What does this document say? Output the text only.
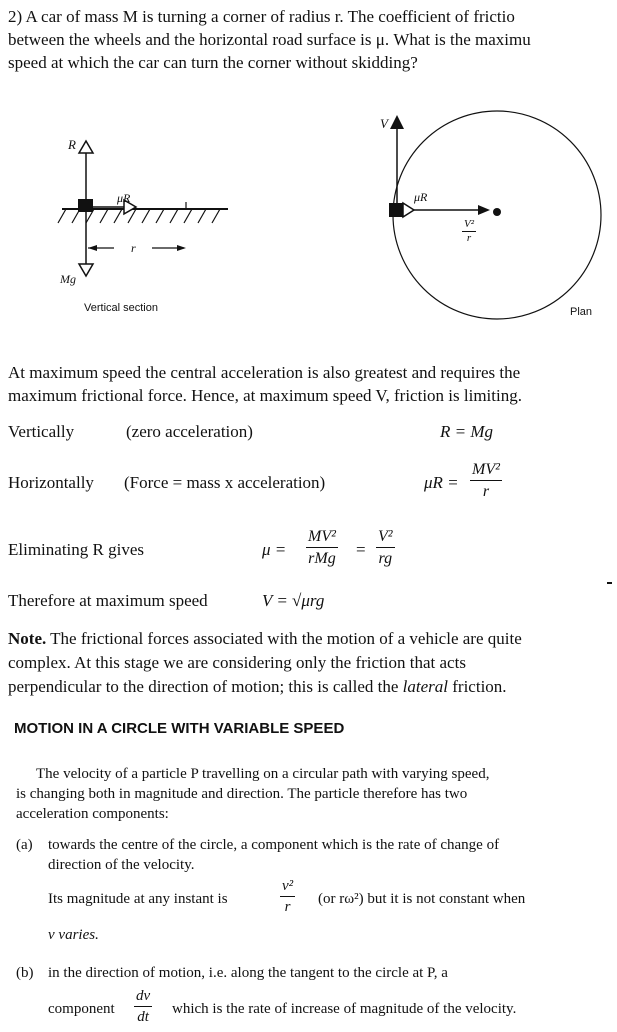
2) A car of mass M is turning a corner of radius r. The coefficient of frictio
between the wheels and the horizontal road surface is μ. What is the maximu
speed at which the car can turn the corner without skidding?
R
μR
r
Mg
Vertical section
V
μR
$\frac{\text{V²}}{r}$
Plan
At maximum speed the central acceleration is also greatest and requires the
maximum frictional force. Hence, at maximum speed V, friction is limiting.
Vertically	(zero acceleration)	R = Mg
Horizontally (Force = mass x acceleration)	$\mu R = \frac{\text{MV²}}{r}$
Eliminating R gives	$\mu = \frac{\text{MV²}}{\text{rMg}} = \frac{\text{V²}}{rg}$
Therefore at maximum speed	V = √μrg
Note. The frictional forces associated with the motion of a vehicle are quite
complex. At this stage we are considering only the friction that acts
perpendicular to the direction of motion; this is called the lateral friction.
MOTION IN A CIRCLE WITH VARIABLE SPEED
The velocity of a particle P travelling on a circular path with varying speed,
is changing both in magnitude and direction. The particle therefore has two
acceleration components:
(a) towards the centre of the circle, a component which is the rate of change of
direction of the velocity.
Its magnitude at any instant is	$\frac{\text{v²}}{r} (or$ rω²) but it is not constant when
v varies.
(b) in the direction of motion, i.e. along the tangent to the circle at P, a
component $\frac{dv}{dt}$ which is the rate of increase of magnitude of the velocity.
